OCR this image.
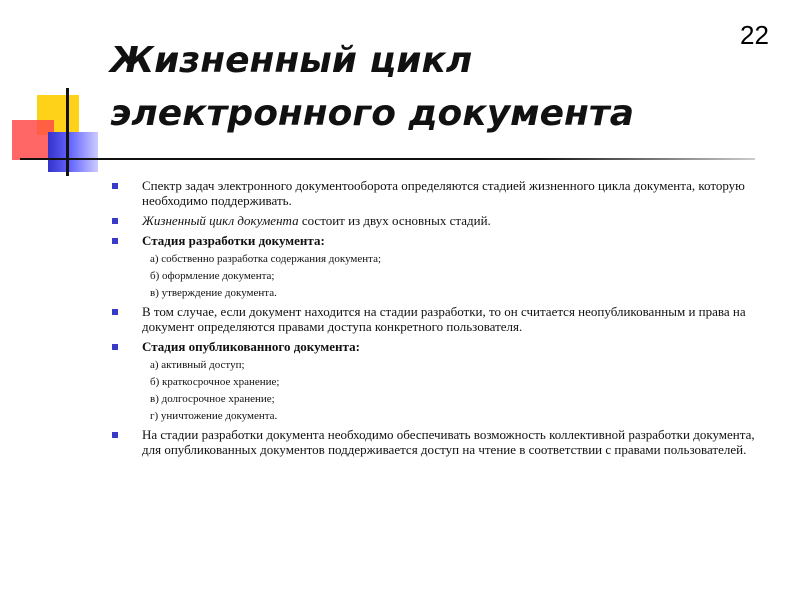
22
Жизненный цикл
электронного документа
Спектр задач электронного документооборота определяются стадией жизненного цикла документа, которую необходимо поддерживать.
Жизненный цикл документа состоит из двух основных стадий.
Стадия разработки документа:
а) собственно разработка содержания документа;
б) оформление документа;
в) утверждение документа.
В том случае, если документ находится на стадии разработки, то он считается неопубликованным и права на документ определяются правами доступа конкретного пользователя.
Стадия опубликованного документа:
а) активный доступ;
б) краткосрочное хранение;
в) долгосрочное хранение;
г) уничтожение документа.
На стадии разработки документа необходимо обеспечивать возможность коллективной разработки документа, для опубликованных документов поддерживается доступ на чтение в соответствии с правами пользователей.
